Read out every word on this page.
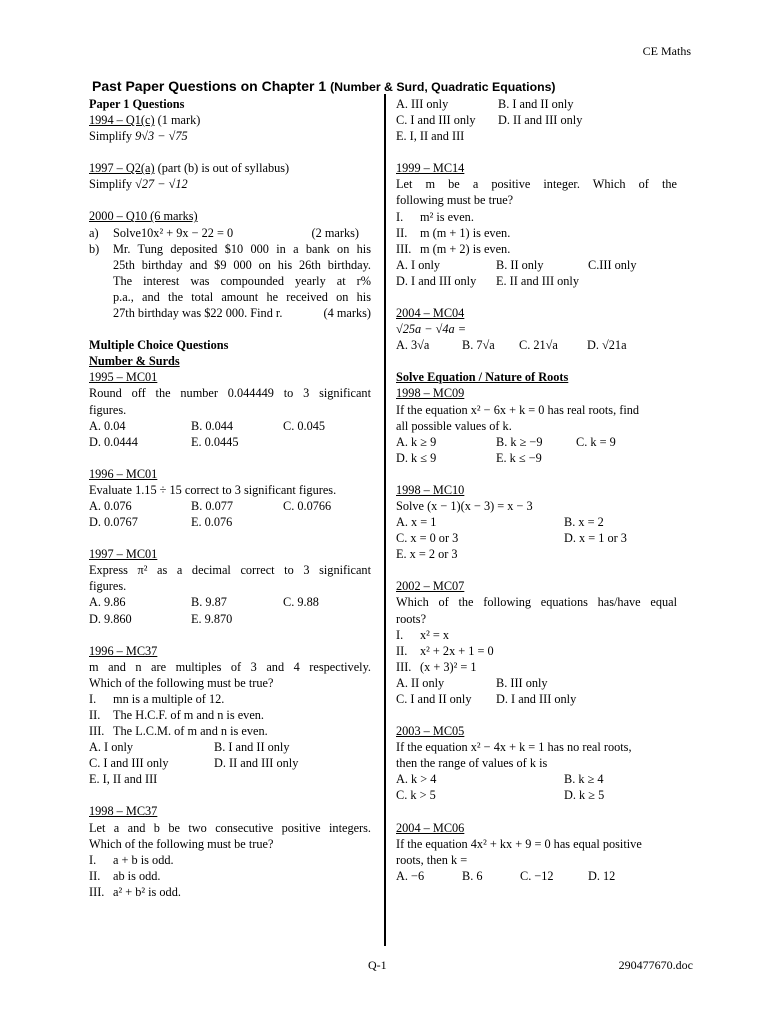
CE Maths
Past Paper Questions on Chapter 1 (Number & Surd, Quadratic Equations)
Paper 1 Questions
1994 – Q1(c)
(1 mark)
Simplify
9√3 − √75
1997 – Q2(a)
(part (b) is out of syllabus)
Simplify
√27 − √12
2000 – Q10 (6 marks)
a)	Solve10x² + 9x − 22 = 0	(2 marks)
b)	Mr. Tung deposited $10 000 in a bank on his
25th birthday and $9 000 on his 26th birthday.
The interest was compounded yearly at r%
p.a., and the total amount he received on his
27th birthday was $22 000. Find r.	(4 marks)
Multiple Choice Questions
Number & Surds
1995 – MC01
Round off the number 0.044449 to 3 significant
figures.
A. 0.04	B. 0.044	C. 0.045
D. 0.0444	E. 0.0445
1996 – MC01
Evaluate 1.15 ÷ 15 correct to 3 significant figures.
A. 0.076	B. 0.077	C. 0.0766
D. 0.0767	E. 0.076
1997 – MC01
Express π² as a decimal correct to 3 significant
figures.
A. 9.86	B. 9.87	C. 9.88
D. 9.860	E. 9.870
1996 – MC37
m and n are multiples of 3 and 4 respectively.
Which of the following must be true?
I.	mn is a multiple of 12.
II.	The H.C.F. of m and n is even.
III. The L.C.M. of m and n is even.
A. I only	B. I and II only
C. I and III only	D. II and III only
E. I, II and III
1998 – MC37
Let a and b be two consecutive positive integers.
Which of the following must be true?
I.	a + b is odd.
II.	ab is odd.
III. a² + b² is odd.
A. III only	B. I and II only
C. I and III only	D. II and III only
E. I, II and III
1999 – MC14
Let m be a positive integer. Which of the
following must be true?
I.	m² is even.
II.	m (m + 1) is even.
III. m (m + 2) is even.
A. I only	B. II only	C.III only
D. I and III only	E. II and III only
2004 – MC04
√25a − √4a =
A. 3√a	B. 7√a	C. 21√a	D. √21a
Solve Equation / Nature of Roots
1998 – MC09
If the equation x² − 6x + k = 0 has real roots, find
all possible values of k.
A. k ≥ 9	B. k ≥ −9	C. k = 9
D. k ≤ 9	E. k ≤ −9
1998 – MC10
Solve (x − 1)(x − 3) = x − 3
A. x = 1	B. x = 2
C. x = 0 or 3	D. x = 1 or 3
E. x = 2 or 3
2002 – MC07
Which of the following equations has/have equal
roots?
I.	x² = x
II.	x² + 2x + 1 = 0
III. (x + 3)² = 1
A. II only	B. III only
C. I and II only	D. I and III only
2003 – MC05
If the equation x² − 4x + k = 1 has no real roots,
then the range of values of k is
A. k > 4	B. k ≥ 4
C. k > 5	D. k ≥ 5
2004 – MC06
If the equation 4x² + kx + 9 = 0 has equal positive
roots, then k =
A. −6	B. 6	C. −12	D. 12
Q-1	290477670.doc
